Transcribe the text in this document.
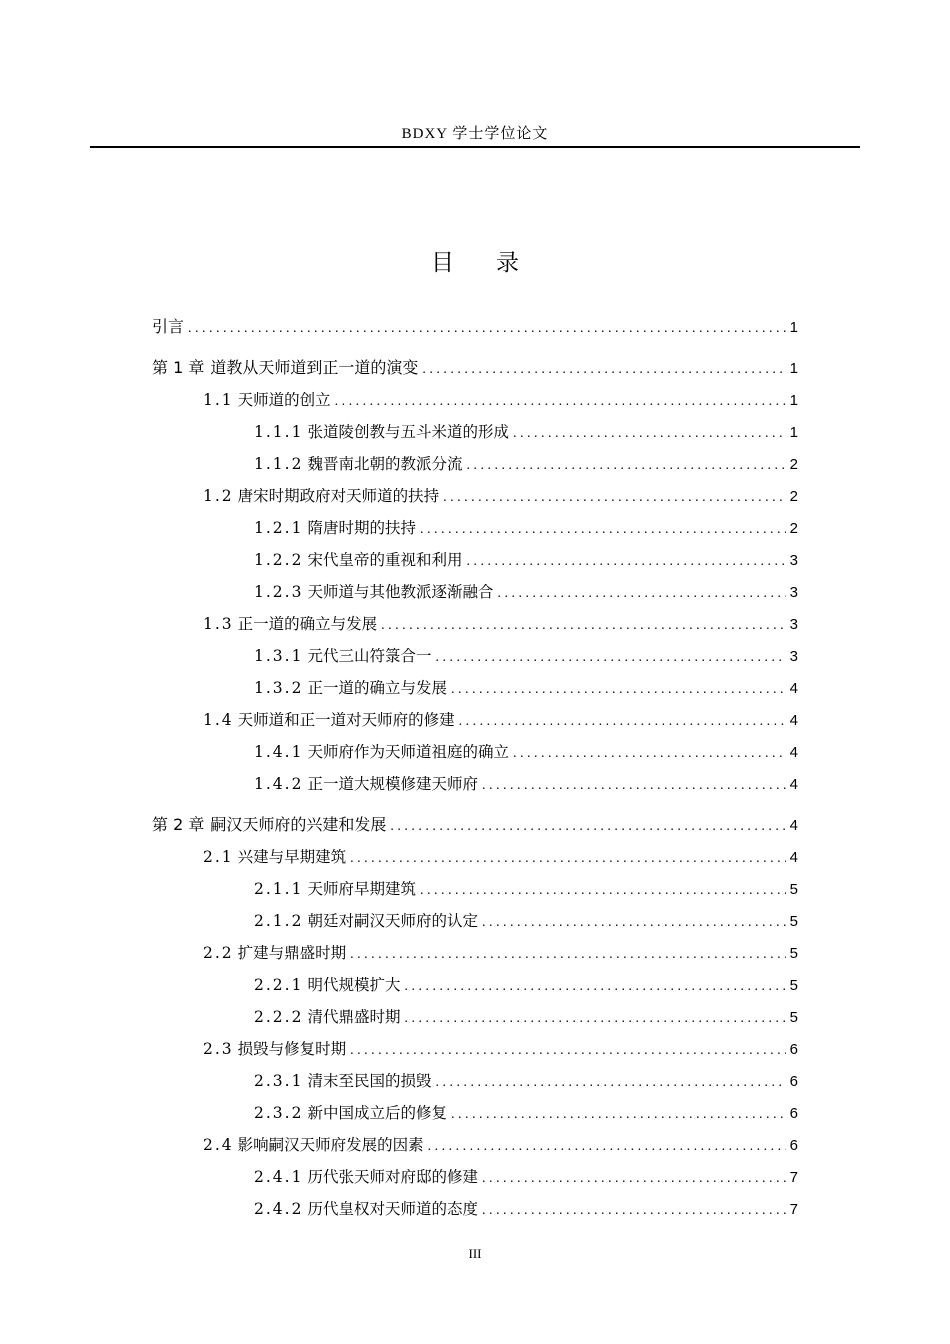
BDXY 学士学位论文
目录
引言 . . .	1
第 1 章 道教从天师道到正一道的演变 . . .	1
1.1 天师道的创立 . . .	1
1.1.1 张道陵创教与五斗米道的形成 . . .	1
1.1.2 魏晋南北朝的教派分流 . . .	2
1.2 唐宋时期政府对天师道的扶持 . . .	2
1.2.1 隋唐时期的扶持 . . .	2
1.2.2 宋代皇帝的重视和利用 . . .	3
1.2.3 天师道与其他教派逐渐融合 . . .	3
1.3 正一道的确立与发展 . . .	3
1.3.1 元代三山符箓合一 . . .	3
1.3.2 正一道的确立与发展 . . .	4
1.4 天师道和正一道对天师府的修建 . . .	4
1.4.1 天师府作为天师道祖庭的确立 . . .	4
1.4.2 正一道大规模修建天师府 . . .	4
第 2 章 嗣汉天师府的兴建和发展 . . .	4
2.1 兴建与早期建筑 . . .	4
2.1.1 天师府早期建筑 . . .	5
2.1.2 朝廷对嗣汉天师府的认定 . . .	5
2.2 扩建与鼎盛时期 . . .	5
2.2.1 明代规模扩大 . . .	5
2.2.2 清代鼎盛时期 . . .	5
2.3 损毁与修复时期 . . .	6
2.3.1 清末至民国的损毁 . . .	6
2.3.2 新中国成立后的修复 . . .	6
2.4 影响嗣汉天师府发展的因素 . . .	6
2.4.1 历代张天师对府邸的修建 . . .	7
2.4.2 历代皇权对天师道的态度 . . .	7
III
